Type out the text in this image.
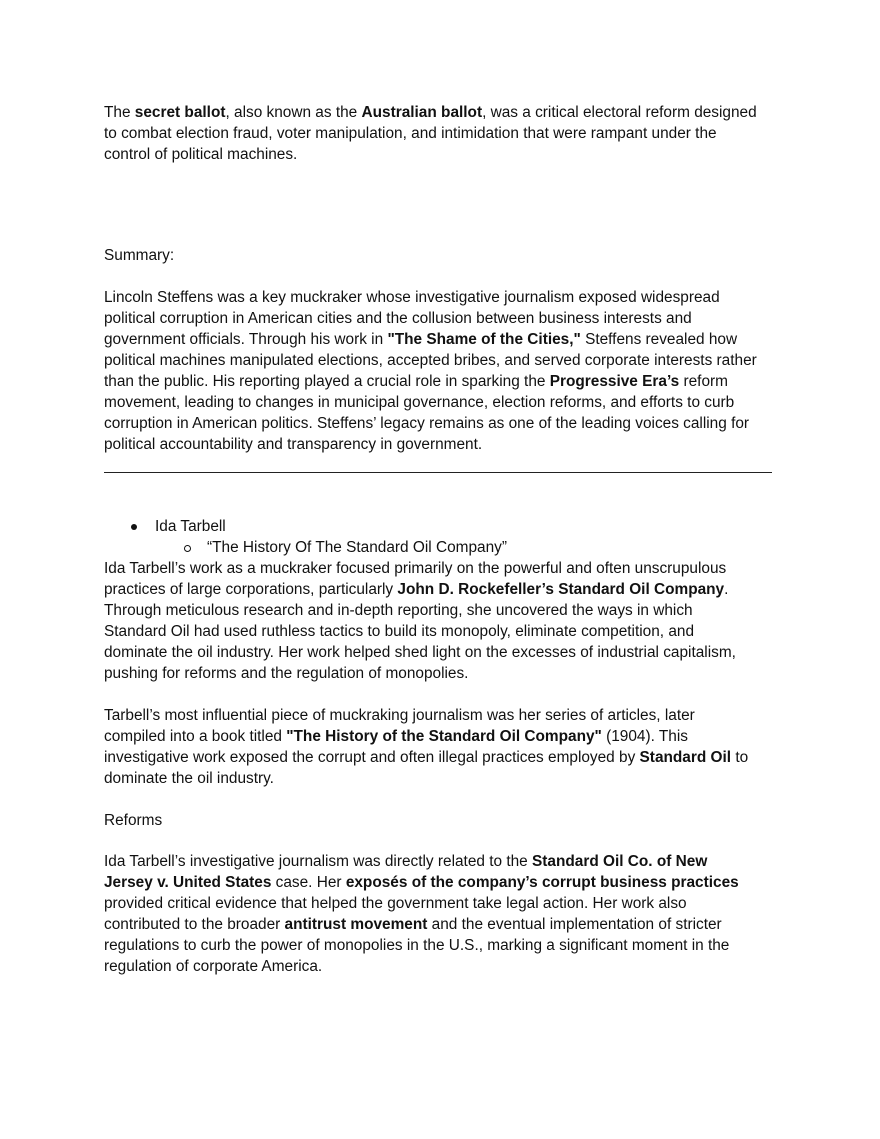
The secret ballot, also known as the Australian ballot, was a critical electoral reform designed
to combat election fraud, voter manipulation, and intimidation that were rampant under the
control of political machines.
Summary:
Lincoln Steffens was a key muckraker whose investigative journalism exposed widespread
political corruption in American cities and the collusion between business interests and
government officials. Through his work in "The Shame of the Cities," Steffens revealed how
political machines manipulated elections, accepted bribes, and served corporate interests rather
than the public. His reporting played a crucial role in sparking the Progressive Era’s reform
movement, leading to changes in municipal governance, election reforms, and efforts to curb
corruption in American politics. Steffens’ legacy remains as one of the leading voices calling for
political accountability and transparency in government.
Ida Tarbell
“The History Of The Standard Oil Company”
Ida Tarbell’s work as a muckraker focused primarily on the powerful and often unscrupulous
practices of large corporations, particularly John D. Rockefeller’s Standard Oil Company.
Through meticulous research and in-depth reporting, she uncovered the ways in which
Standard Oil had used ruthless tactics to build its monopoly, eliminate competition, and
dominate the oil industry. Her work helped shed light on the excesses of industrial capitalism,
pushing for reforms and the regulation of monopolies.
Tarbell’s most influential piece of muckraking journalism was her series of articles, later
compiled into a book titled "The History of the Standard Oil Company" (1904). This
investigative work exposed the corrupt and often illegal practices employed by Standard Oil to
dominate the oil industry.
Reforms
Ida Tarbell’s investigative journalism was directly related to the Standard Oil Co. of New
Jersey v. United States case. Her exposés of the company’s corrupt business practices
provided critical evidence that helped the government take legal action. Her work also
contributed to the broader antitrust movement and the eventual implementation of stricter
regulations to curb the power of monopolies in the U.S., marking a significant moment in the
regulation of corporate America.
